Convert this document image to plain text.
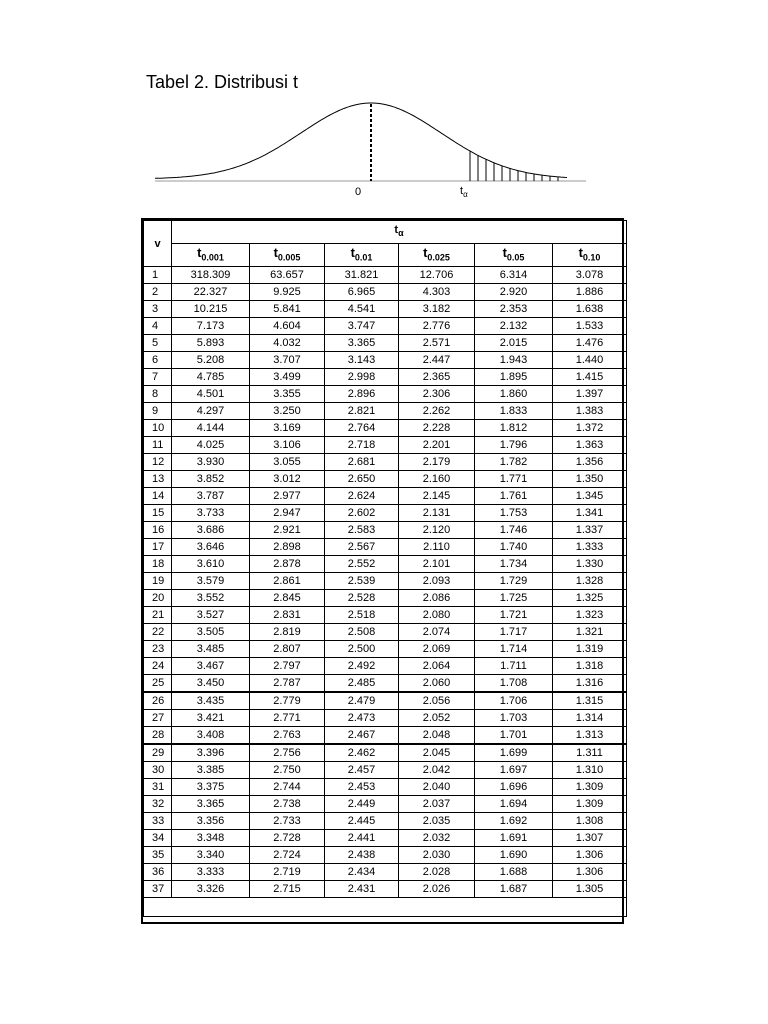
Tabel 2. Distribusi t
0	$t_\alpha$
v	$t_\alpha$
	$t_{0.001}$	$t_{0.005}$	$t_{0.01}$	$t_{0.025}$	$t_{0.05}$	$t_{0.10}$
1	318.309	63.657	31.821	12.706	6.314	3.078
2	22.327	9.925	6.965	4.303	2.920	1.886
3	10.215	5.841	4.541	3.182	2.353	1.638
4	7.173	4.604	3.747	2.776	2.132	1.533
5	5.893	4.032	3.365	2.571	2.015	1.476
6	5.208	3.707	3.143	2.447	1.943	1.440
7	4.785	3.499	2.998	2.365	1.895	1.415
8	4.501	3.355	2.896	2.306	1.860	1.397
9	4.297	3.250	2.821	2.262	1.833	1.383
10	4.144	3.169	2.764	2.228	1.812	1.372
11	4.025	3.106	2.718	2.201	1.796	1.363
12	3.930	3.055	2.681	2.179	1.782	1.356
13	3.852	3.012	2.650	2.160	1.771	1.350
14	3.787	2.977	2.624	2.145	1.761	1.345
15	3.733	2.947	2.602	2.131	1.753	1.341
16	3.686	2.921	2.583	2.120	1.746	1.337
17	3.646	2.898	2.567	2.110	1.740	1.333
18	3.610	2.878	2.552	2.101	1.734	1.330
19	3.579	2.861	2.539	2.093	1.729	1.328
20	3.552	2.845	2.528	2.086	1.725	1.325
21	3.527	2.831	2.518	2.080	1.721	1.323
22	3.505	2.819	2.508	2.074	1.717	1.321
23	3.485	2.807	2.500	2.069	1.714	1.319
24	3.467	2.797	2.492	2.064	1.711	1.318
25	3.450	2.787	2.485	2.060	1.708	1.316
26	3.435	2.779	2.479	2.056	1.706	1.315
27	3.421	2.771	2.473	2.052	1.703	1.314
28	3.408	2.763	2.467	2.048	1.701	1.313
29	3.396	2.756	2.462	2.045	1.699	1.311
30	3.385	2.750	2.457	2.042	1.697	1.310
31	3.375	2.744	2.453	2.040	1.696	1.309
32	3.365	2.738	2.449	2.037	1.694	1.309
33	3.356	2.733	2.445	2.035	1.692	1.308
34	3.348	2.728	2.441	2.032	1.691	1.307
35	3.340	2.724	2.438	2.030	1.690	1.306
36	3.333	2.719	2.434	2.028	1.688	1.306
37	3.326	2.715	2.431	2.026	1.687	1.305
